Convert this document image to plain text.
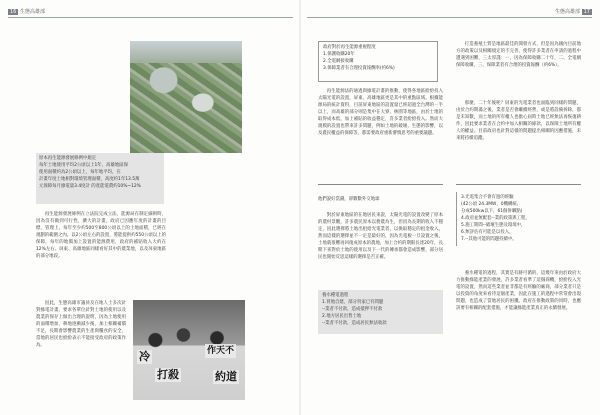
16 生態高雄部	生態高雄部 17
原本再生能源發展條例中規定
每年土地使用平均2公頃以上1年，高雄地區保
使用面積約為2公頃以上，每年地平均，在
計畫年度土地相對環境管理面積，高度約1年13.5萬
元保障每月綠電量3.4度計 的產能電費約10%~12%

再生能源發展條例在立法院完成立法，能源局在制定細則時，因為沒有做到可行性，擴大的計畫，政府已因應年度的計畫的目標，管理上，每年至少約500至800公頃以上的土地面積，已經在規劃的範圍之內。以2公頃左右的設置，將能提供約550公頃以上的保障，每年的地價加上設置的能源費用，政府的補貼收入大約在12%左右。屏東、高雄地區同樣看好其中的農業地，以及屏東地區的部分地段。

因此，生態高雄市議員及在地人士多次針對綠電計畫，要求各單位針對土地的使用以及農業的保存上做出合理的說明，因為土地使用的面積增加，耕地逐漸減少後，加上相關補償不足，長期會影響農業的生產與糧食的安全，當地的居民也紛紛表示不能接受政府的政策作為。

冷
打殺
作天不
約道
政府對於再生能源重視程度
1.保護收購20年
2.全電網接收購
3.保障業者有合理投資報酬率(約6%)

再生能源法的通過與綠電計畫的推動，使得各地區紛紛投入太陽光電的設置，屏東、高雄地區更是其中的重點區域。根據能源局的統計資料，目前屏東地區的設置量已經超過全台灣的一半以上，而高雄的部分則是集中在大寮、林園等地區，由於土地的取得成本低，加上補貼的收益穩定，許多業者紛紛投入。然而大規模的設置也帶來許多問題，例如土地的破壞、生態的影響，以及農民權益的保障等，都需要政府重新審慎思考的重要議題。

他們說好當錢，卻數數外交地球

對於屏東地區的在地居民來說，太陽光電的設置改變了原本的農村景觀，許多農民原本以務農為生，但因為長期的收入不穩定，因此選擇將土地出租給光電業者，以換取穩定的租金收入。然而這樣的選擇並不一定是最好的，因為光電板一旦設置之後，土地就很難再回復成原本的農地，加上合約的期限長達20年，長期下來對於土地的使用以及下一代的傳承都會造成影響，部分居民也開始反思這樣的選擇是否正確。

養水種電過程
1.買地自建，部分買家已有問題
--業者不付款，造成抵押不付款
2.地方居民出售土地
--業者不付款，造成居民無法收款

打造養殖土質是地區最佳的開發方式，但是因為國內目前地方的政策以及相關規定的不完善，使得許多業者在申請的過程中遭遇到困難，三太厚謹：一、因為保障收購二十年，二、全電網保障收購，三、保障業者有合理的投資報酬（約6%）。

那麼，二十年後呢？屏東的光電業者也面臨到同樣的問題，由於合約期滿之後，業者是否會繼續經營，或是將設備拆除，都是未知數，而土地的所有權人也擔心屆時土地已經無法再恢復耕作，因此要求業者在合約中加入相關的條款，以保障土地所有權人的權益。目前政府也針對這樣的問題提出相關的因應措施，未來將持續追蹤。

3.光電集合不會有過的經驗
(42公頃 24.3MW，0機構統、
分成500kw以下，61個併聯點)
4.政府並無配套--業的政策與工程，
5.施工期間--破壞生態及環境中，
6.無評估有可能是以投入，
7.--其他可能的問題持續中。

養水種電的過程，其實是有跡可循的，這幾年來由於政府大力推動綠能產業的發展，許多業者看準了這個商機，紛紛投入光電的設置，然而這些業者並非都是有經驗的廠商，部分業者只是以投資的角度來看待這個產業，因此在施工的過程中常常會出現問題，也造成了當地居民的困擾。政府在推動政策的同時，也應該要有相關的配套措施，才能讓綠能產業真正的永續發展。
